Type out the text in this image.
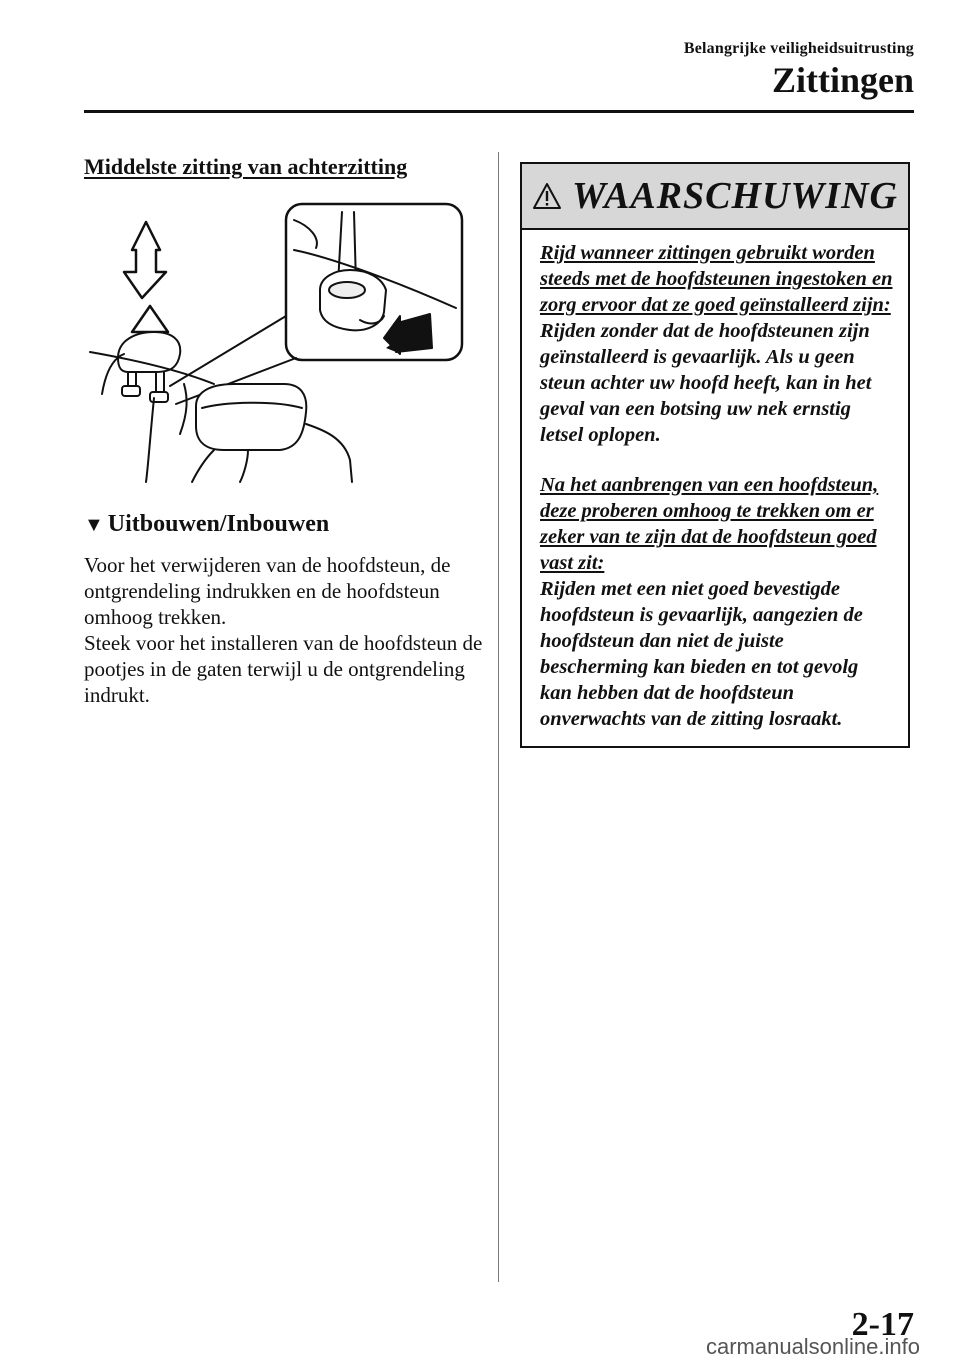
Belangrijke veiligheidsuitrusting
Zittingen
Middelste zitting van achterzitting
▼ Uitbouwen/Inbouwen

Voor het verwijderen van de hoofdsteun, de ontgrendeling indrukken en de hoofdsteun omhoog trekken.
Steek voor het installeren van de hoofdsteun de pootjes in de gaten terwijl u de ontgrendeling indrukt.

WAARSCHUWING

Rijd wanneer zittingen gebruikt worden steeds met de hoofdsteunen ingestoken en zorg ervoor dat ze goed geïnstalleerd zijn:

Rijden zonder dat de hoofdsteunen zijn geïnstalleerd is gevaarlijk. Als u geen steun achter uw hoofd heeft, kan in het geval van een botsing uw nek ernstig letsel oplopen.

Na het aanbrengen van een hoofdsteun, deze proberen omhoog te trekken om er zeker van te zijn dat de hoofdsteun goed vast zit:

Rijden met een niet goed bevestigde hoofdsteun is gevaarlijk, aangezien de hoofdsteun dan niet de juiste bescherming kan bieden en tot gevolg kan hebben dat de hoofdsteun onverwachts van de zitting losraakt.

2-17
carmanualsonline.info
